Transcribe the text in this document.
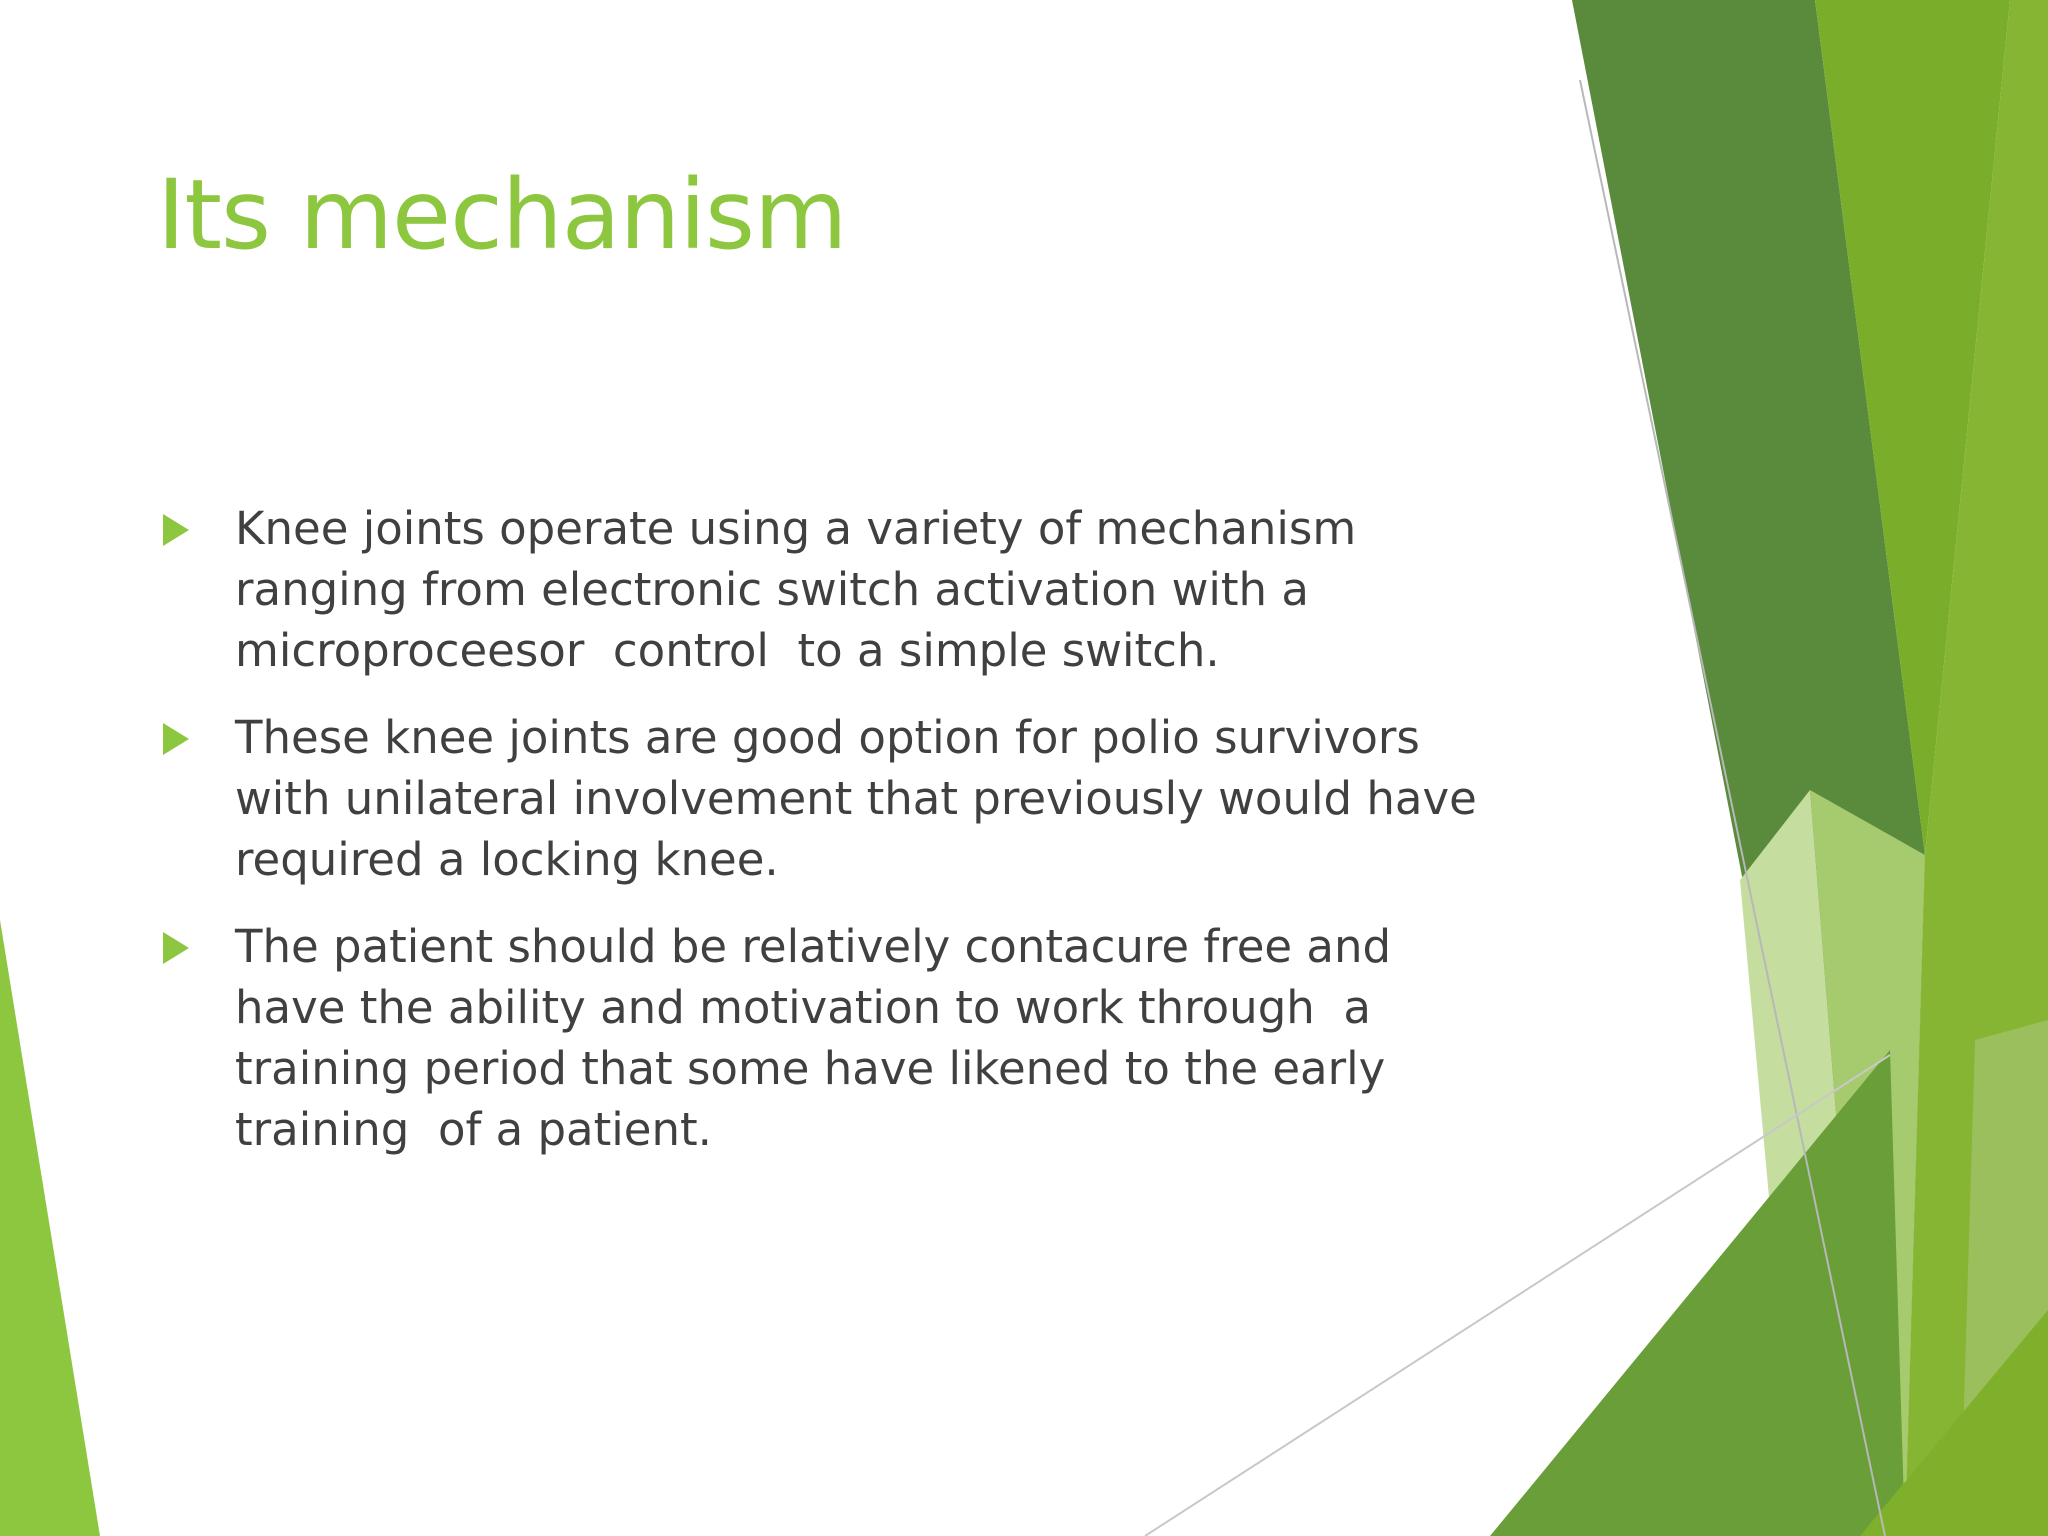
Its mechanism
Knee joints operate using a variety of mechanism
ranging from electronic switch activation with a
microproceesor  control  to a simple switch.
These knee joints are good option for polio survivors
with unilateral involvement that previously would have
required a locking knee.
The patient should be relatively contacure free and
have the ability and motivation to work through  a
training period that some have likened to the early
training  of a patient.
